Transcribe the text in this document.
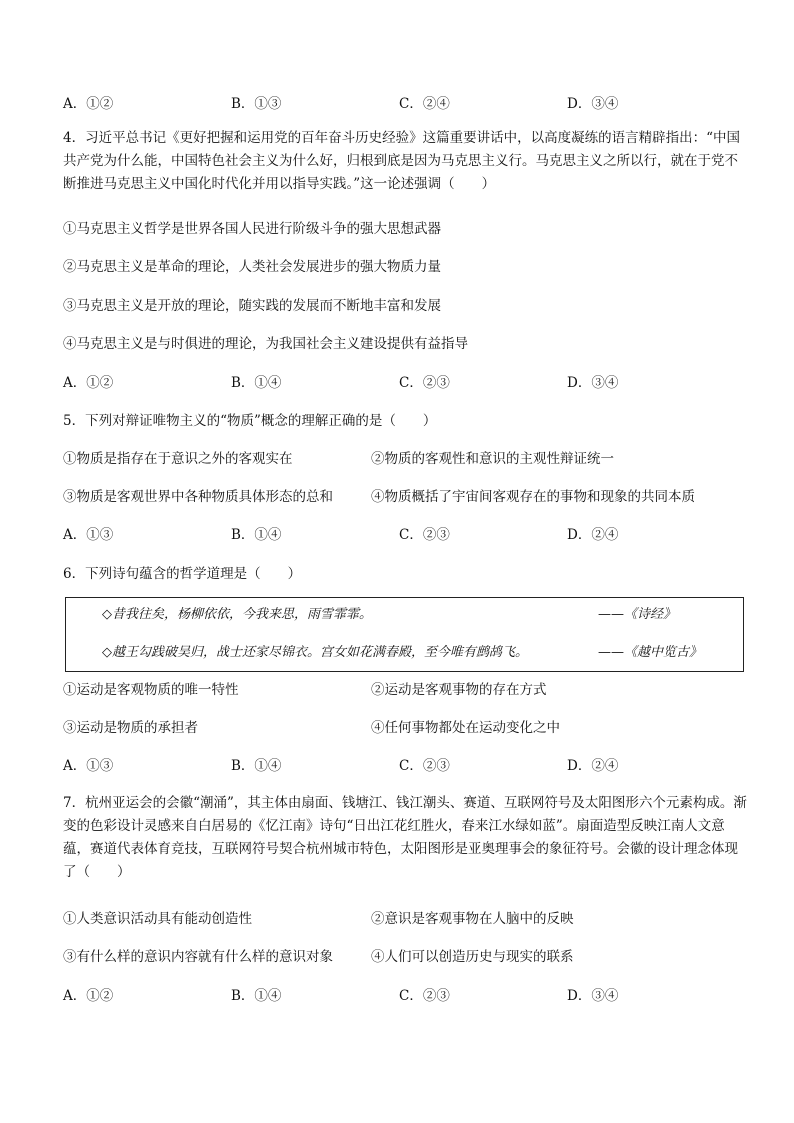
A．①②	B．①③	C．②④	D．③④
4．习近平总书记《更好把握和运用党的百年奋斗历史经验》这篇重要讲话中，以高度凝练的语言精辟指出：“中国共产党为什么能，中国特色社会主义为什么好，归根到底是因为马克思主义行。马克思主义之所以行，就在于党不断推进马克思主义中国化时代化并用以指导实践。”这一论述强调（　　）
①马克思主义哲学是世界各国人民进行阶级斗争的强大思想武器
②马克思主义是革命的理论，人类社会发展进步的强大物质力量
③马克思主义是开放的理论，随实践的发展而不断地丰富和发展
④马克思主义是与时俱进的理论，为我国社会主义建设提供有益指导
A．①②	B．①④	C．②③	D．③④
5．下列对辩证唯物主义的“物质”概念的理解正确的是（　　）
①物质是指存在于意识之外的客观实在	②物质的客观性和意识的主观性辩证统一
③物质是客观世界中各种物质具体形态的总和	④物质概括了宇宙间客观存在的事物和现象的共同本质
A．①③	B．①④	C．②③	D．②④
6．下列诗句蕴含的哲学道理是（　　）
◇昔我往矣，杨柳依依，今我来思，雨雪霏霏。	——《诗经》
◇越王勾践破吴归，战士还家尽锦衣。宫女如花满春殿，至今唯有鹧鸪飞。	——《越中览古》
①运动是客观物质的唯一特性	②运动是客观事物的存在方式
③运动是物质的承担者	④任何事物都处在运动变化之中
A．①③	B．①④	C．②③	D．②④
7．杭州亚运会的会徽“潮涌”，其主体由扇面、钱塘江、钱江潮头、赛道、互联网符号及太阳图形六个元素构成。渐变的色彩设计灵感来自白居易的《忆江南》诗句“日出江花红胜火，春来江水绿如蓝”。扇面造型反映江南人文意蕴，赛道代表体育竞技，互联网符号契合杭州城市特色，太阳图形是亚奥理事会的象征符号。会徽的设计理念体现了（　　）
①人类意识活动具有能动创造性	②意识是客观事物在人脑中的反映
③有什么样的意识内容就有什么样的意识对象	④人们可以创造历史与现实的联系
A．①②	B．①④	C．②③	D．③④
